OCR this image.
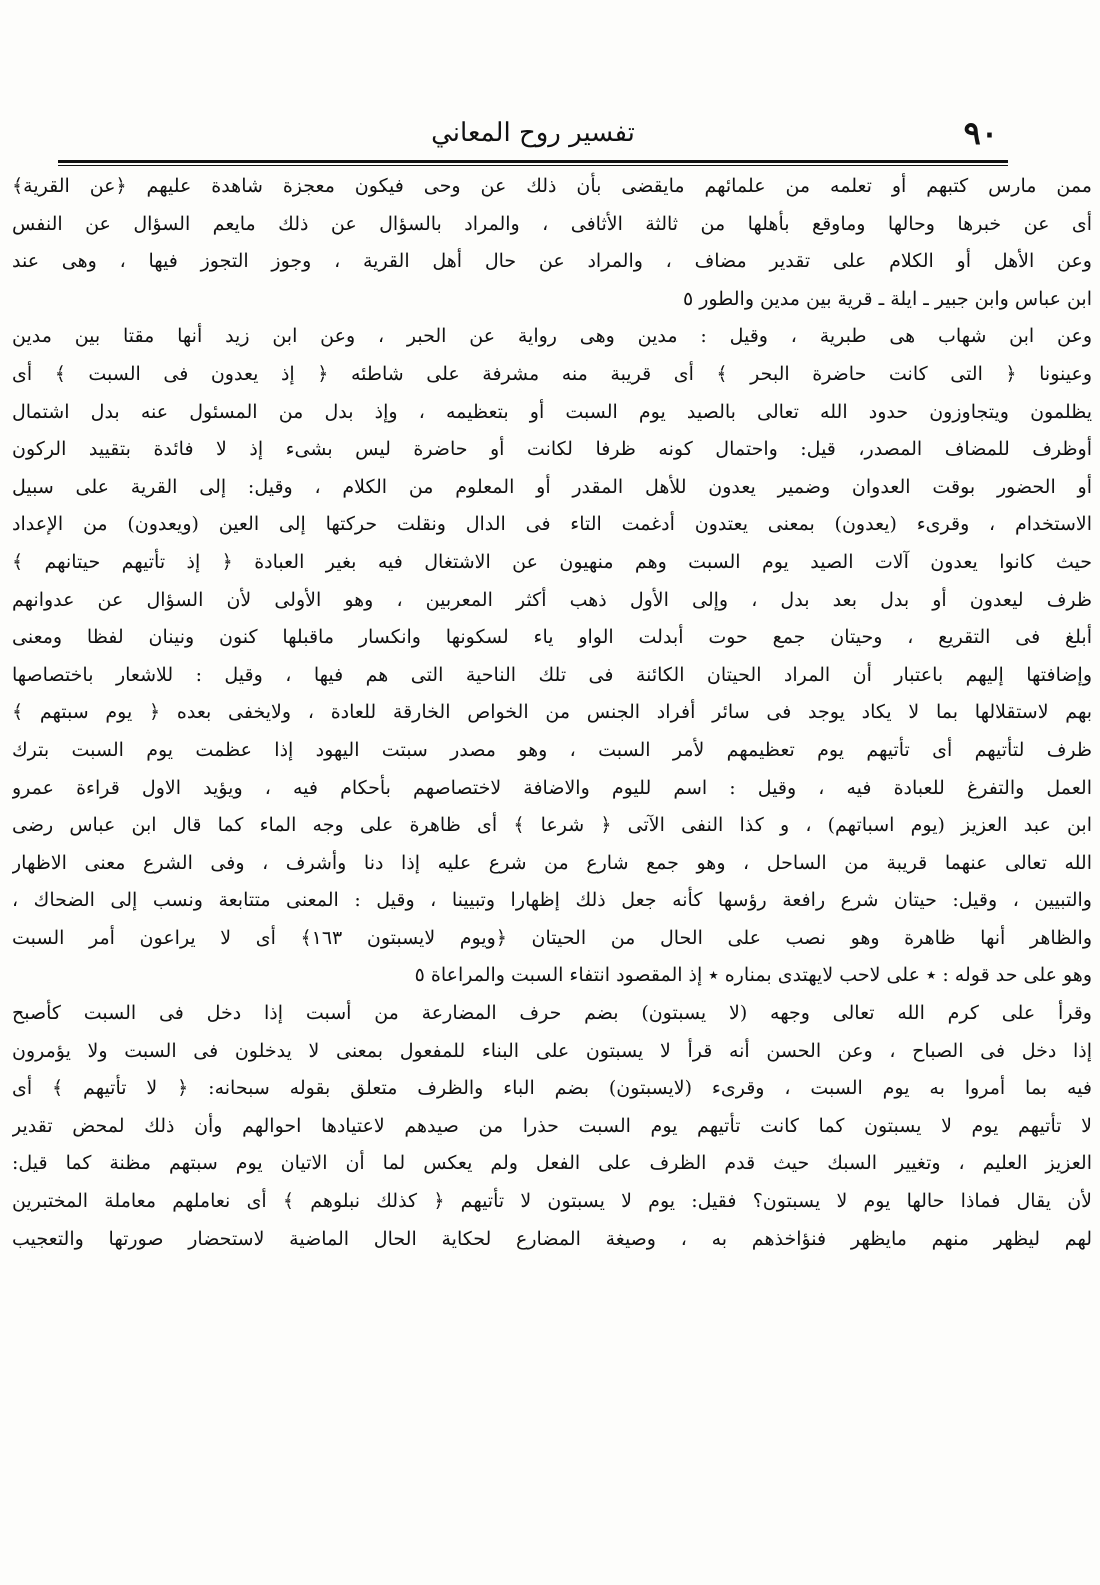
٩٠
تفسير روح المعاني
ممن مارس كتبهم أو تعلمه من علمائهم مايقضى بأن ذلك عن وحى فيكون معجزة شاهدة عليهم ﴿عن القرية﴾
أى عن خبرها وحالها وماوقع بأهلها من ثالثة الأثافى ، والمراد بالسؤال عن ذلك مايعم السؤال عن النفس
وعن الأهل أو الكلام على تقدير مضاف ، والمراد عن حال أهل القرية ، وجوز التجوز فيها ، وهى عند
ابن عباس وابن جبير ـ ايلة ـ قرية بين مدين والطور ٥
وعن ابن شهاب هى طبرية ، وقيل : مدين وهى رواية عن الحبر ، وعن ابن زيد أنها مقتا بين مدين
وعينونا ﴿ التى كانت حاضرة البحر ﴾ أى قريبة منه مشرفة على شاطئه ﴿ إذ يعدون فى السبت ﴾ أى
يظلمون ويتجاوزون حدود الله تعالى بالصيد يوم السبت أو بتعظيمه ، وإذ بدل من المسئول عنه بدل اشتمال
أوظرف للمضاف المصدر، قيل: واحتمال كونه ظرفا لكانت أو حاضرة ليس بشىء إذ لا فائدة بتقييد الركون
أو الحضور بوقت العدوان وضمير يعدون للأهل المقدر أو المعلوم من الكلام ، وقيل: إلى القرية على سبيل
الاستخدام ، وقرىء (يعدون) بمعنى يعتدون أدغمت التاء فى الدال ونقلت حركتها إلى العين (ويعدون) من الإعداد
حيث كانوا يعدون آلات الصيد يوم السبت وهم منهيون عن الاشتغال فيه بغير العبادة ﴿ إذ تأتيهم حيتانهم ﴾
ظرف ليعدون أو بدل بعد بدل ، وإلى الأول ذهب أكثر المعربين ، وهو الأولى لأن السؤال عن عدوانهم
أبلغ فى التقريع ، وحيتان جمع حوت أبدلت الواو ياء لسكونها وانكسار ماقبلها كنون ونينان لفظا ومعنى
وإضافتها إليهم باعتبار أن المراد الحيتان الكائنة فى تلك الناحية التى هم فيها ، وقيل : للاشعار باختصاصها
بهم لاستقلالها بما لا يكاد يوجد فى سائر أفراد الجنس من الخواص الخارقة للعادة ، ولايخفى بعده ﴿ يوم سبتهم ﴾
ظرف لتأتيهم أى تأتيهم يوم تعظيمهم لأمر السبت ، وهو مصدر سبتت اليهود إذا عظمت يوم السبت بترك
العمل والتفرغ للعبادة فيه ، وقيل : اسم لليوم والاضافة لاختصاصهم بأحكام فيه ، ويؤيد الاول قراءة عمرو
ابن عبد العزيز (يوم اسباتهم) ، و كذا النفى الآتى ﴿ شرعا ﴾ أى ظاهرة على وجه الماء كما قال ابن عباس رضى
الله تعالى عنهما قريبة من الساحل ، وهو جمع شارع من شرع عليه إذا دنا وأشرف ، وفى الشرع معنى الاظهار
والتبيين ، وقيل: حيتان شرع رافعة رؤسها كأنه جعل ذلك إظهارا وتبيينا ، وقيل : المعنى متتابعة ونسب إلى الضحاك ،
والظاهر أنها ظاهرة وهو نصب على الحال من الحيتان ﴿ويوم لايسبتون ١٦٣﴾ أى لا يراعون أمر السبت
وهو على حد قوله : ٭ على لاحب لايهتدى بمناره ٭ إذ المقصود انتفاء السبت والمراعاة ٥
وقرأ على كرم الله تعالى وجهه (لا يسبتون) بضم حرف المضارعة من أسبت إذا دخل فى السبت كأصبح
إذا دخل فى الصباح ، وعن الحسن أنه قرأ لا يسبتون على البناء للمفعول بمعنى لا يدخلون فى السبت ولا يؤمرون
فيه بما أمروا به يوم السبت ، وقرىء (لايسبتون) بضم الباء والظرف متعلق بقوله سبحانه: ﴿ لا تأتيهم ﴾ أى
لا تأتيهم يوم لا يسبتون كما كانت تأتيهم يوم السبت حذرا من صيدهم لاعتيادها احوالهم وأن ذلك لمحض تقدير
العزيز العليم ، وتغيير السبك حيث قدم الظرف على الفعل ولم يعكس لما أن الاتيان يوم سبتهم مظنة كما قيل:
لأن يقال فماذا حالها يوم لا يسبتون؟ فقيل: يوم لا يسبتون لا تأتيهم ﴿ كذلك نبلوهم ﴾ أى نعاملهم معاملة المختبرين
لهم ليظهر منهم مايظهر فنؤاخذهم به ، وصيغة المضارع لحكاية الحال الماضية لاستحضار صورتها والتعجيب
